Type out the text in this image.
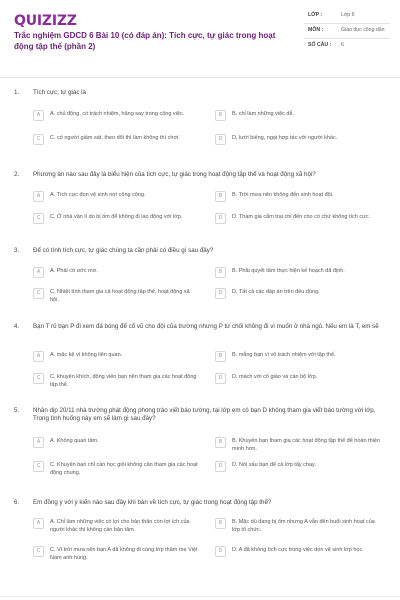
QUIZIZZ
Trắc nghiệm GDCD 6 Bài 10 (có đáp án): Tích cực, tự giác trong hoạt động tập thể (phần 2)
LỚP :	Lớp 6
MÔN :	Giáo dục công dân
SỐ CÂU :	6
1. Tích cực, tự giác là
A	A. chủ động, có trách nhiệm, hăng say trong công việc.	B	B. chỉ làm những việc dễ.
C	C. có người giám sát, theo dõi thì làm không thì chơi.	D	D. lười biếng, ngại hợp tác với người khác.
2. Phương án nào sau đây là biểu hiện của tích cực, tự giác trong hoạt động tập thể và hoạt động xã hội?
A	A. Tích cực đọn vệ sinh nơi công cộng.	B	B. Trời mưa nên không đến sinh hoạt đội.
C	C. Ở nhà vận lí do bị ốm để không đi lao động với lớp.	D	D. Tham gia cắm trại chỉ đến cho có chứ không tích cực.
3. Để có tính tích cực, tự giác chúng ta cần phải có điều gì sau đây?
A	A. Phải có ước mơ.	B	B. Phải quyết tâm thực hiện kế hoạch đã định.
C	C. Nhiệt tình tham gia cả hoạt động tập thể, hoạt động xã hội.
D	D. Tất cả các đáp án trên đều đúng.
4. Bạn T rủ bạn P đi xem đá bóng để cổ vũ cho đội của trường nhưng P từ chối không đi vì muốn ở nhà ngủ. Nếu em là T, em sẽ
A	A. mặc kệ vì không liên quan.	B	B. mắng bạn vì vô trách nhiệm với tập thể.
C	C. khuyên khích, động viên bạn nên tham gia các hoạt động tập thể.
D	D. mách với cô giáo và cán bộ lớp.
5. Nhân dịp 20/11 nhà trường phát động phong trào viết báo tường, tại lớp em có bạn D không tham gia viết báo tường với lớp. Trong tình huống này em sẽ làm gì sau đây?
A	A. Không quan tâm.	B	B. Khuyên bạn tham gia các hoạt động tập thể để hoàn thiện mình hơn.
C	C. Khuyên bạn chỉ cần học giỏi không cần tham gia các hoạt động chung.
D	D. Nói xấu bạn để cả lớp tẩy chay.
6. Em đồng ý với ý kiến nào sau đây khi bàn về tích cực, tự giác trong hoạt động tập thể?
A	A. Chỉ làm những việc có lợi cho bản thân còn lợi ích của người khác thì không cần bận tâm.
B	B. Mặc dù đang bị ốm nhưng A vẫn đến buổi sinh hoạt của lớp tổ chức.
C	C. Vì trời mưa nên bạn A đã không đi cùng lớp thăm mẹ Việt Nam anh hùng.
D	D. A đã không tích cực trong việc dọn vệ sinh lớp học.
